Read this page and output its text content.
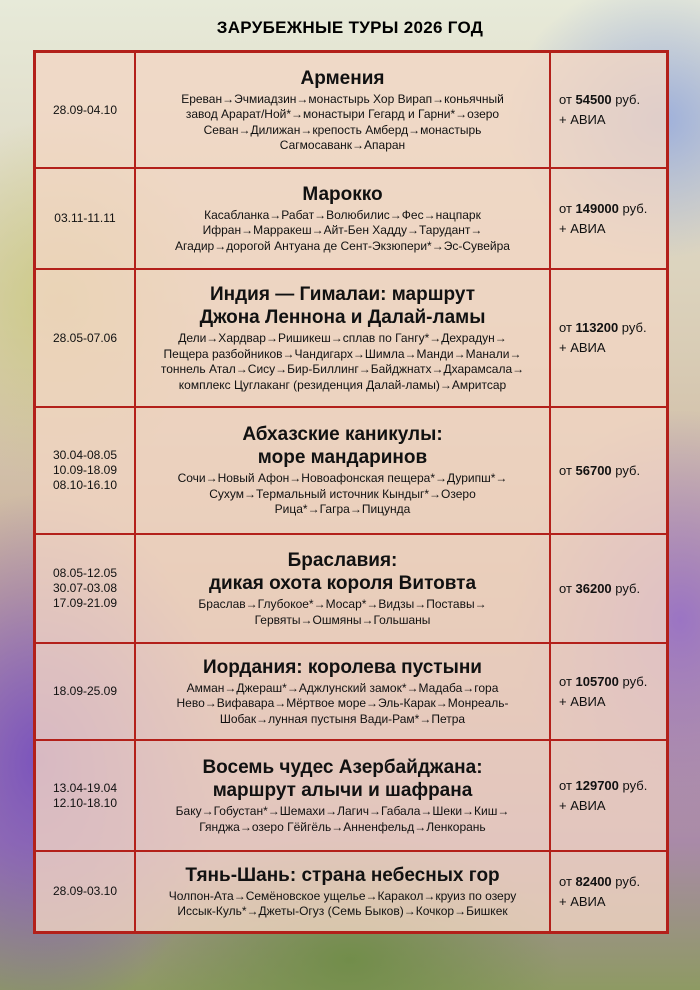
ЗАРУБЕЖНЫЕ ТУРЫ 2026 ГОД
28.09-04.10
Армения
Ереван→Эчмиадзин→монастырь Хор Вирап→коньячный
завод Арарат/Ной*→монастыри Гегард и Гарни*→озеро
Севан→Дилижан→крепость Амберд→монастырь
Сагмосаванк→Апаран
от 54500 руб.
+ АВИА
03.11-11.11
Марокко
Касабланка→Рабат→Волюбилис→Фес→нацпарк
Ифран→Марракеш→Айт-Бен Хадду→Тарудант→
Агадир→дорогой Антуана де Сент-Экзюпери*→Эс-Сувейра
от 149000 руб.
+ АВИА
28.05-07.06
Индия — Гималаи: маршрут
Джона Леннона и Далай-ламы
Дели→Хардвар→Ришикеш→сплав по Гангу*→Дехрадун→
Пещера разбойников→Чандигарх→Шимла→Манди→Манали→
тоннель Атал→Сису→Бир-Биллинг→Байджнатх→Дхарамсала→
комплекс Цуглаканг (резиденция Далай-ламы)→Амритсар
от 113200 руб.
+ АВИА
30.04-08.05
10.09-18.09
08.10-16.10
Абхазские каникулы:
море мандаринов
Сочи→Новый Афон→Новоафонская пещера*→Дурипш*→
Сухум→Термальный источник Кындыг*→Озеро
Рица*→Гагра→Пицунда
от 56700 руб.
08.05-12.05
30.07-03.08
17.09-21.09
Браславия:
дикая охота короля Витовта
Браслав→Глубокое*→Мосар*→Видзы→Поставы→
Гервяты→Ошмяны→Гольшаны
от 36200 руб.
18.09-25.09
Иордания: королева пустыни
Амман→Джераш*→Аджлунский замок*→Мадаба→гора
Нево→Вифавара→Мёртвое море→Эль-Карак→Монреаль-
Шобак→лунная пустыня Вади-Рам*→Петра
от 105700 руб.
+ АВИА
13.04-19.04
12.10-18.10
Восемь чудес Азербайджана:
маршрут алычи и шафрана
Баку→Гобустан*→Шемахи→Лагич→Габала→Шеки→Киш→
Гянджа→озеро Гёйгёль→Анненфельд→Ленкорань
от 129700 руб.
+ АВИА
28.09-03.10
Тянь-Шань: страна небесных гор
Чолпон-Ата→Семёновское ущелье→Каракол→круиз по озеру
Иссык-Куль*→Джеты-Огуз (Семь Быков)→Кочкор→Бишкек
от 82400 руб.
+ АВИА
